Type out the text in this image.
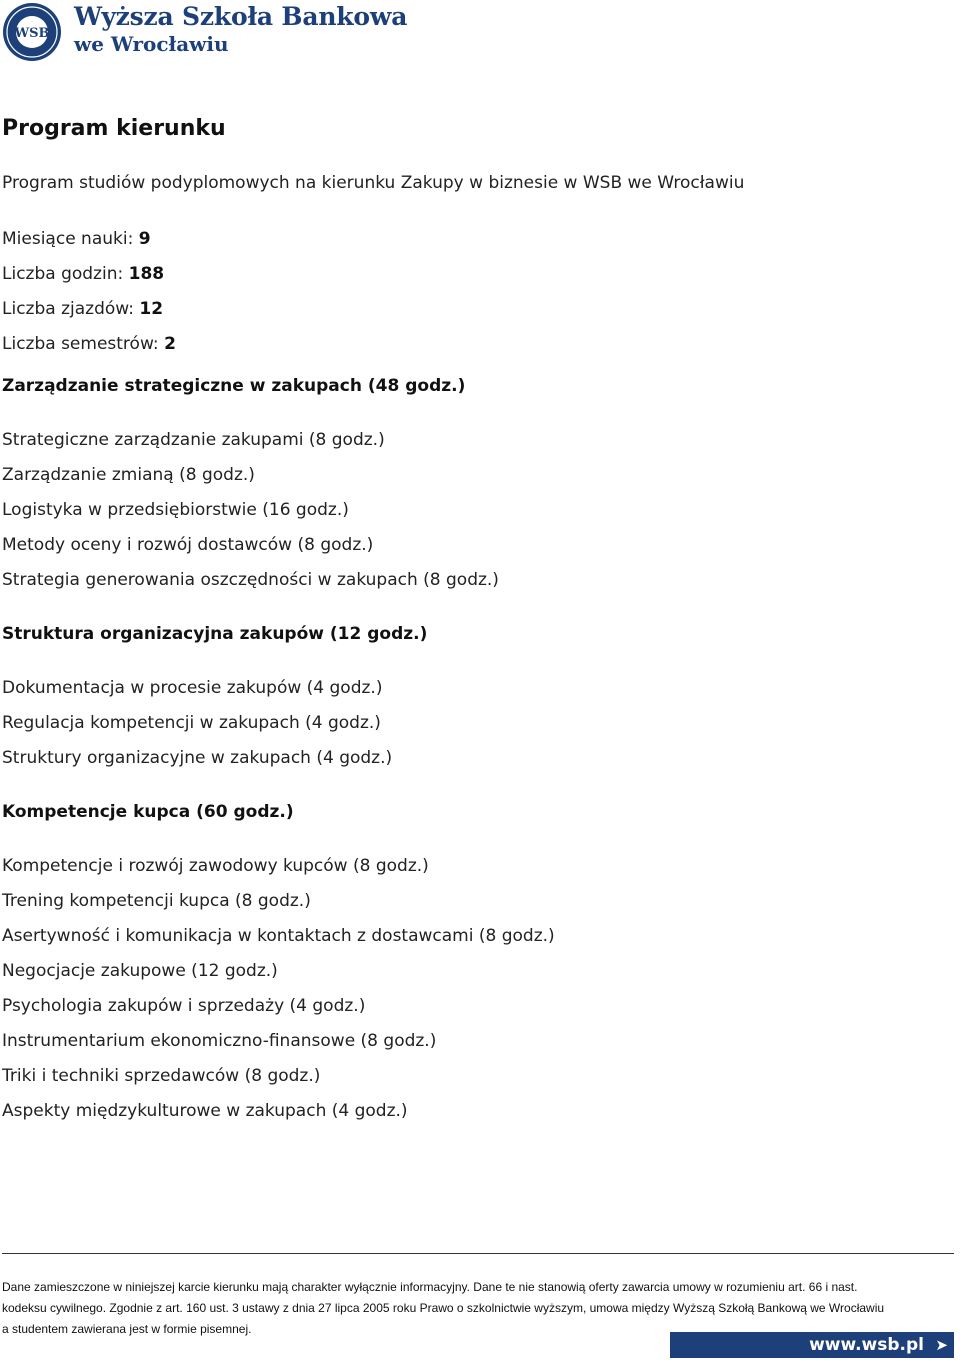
WSB
Wyższa Szkoła Bankowa
we Wrocławiu
Program kierunku
Program studiów podyplomowych na kierunku Zakupy w biznesie w WSB we Wrocławiu
Miesiące nauki: 9
Liczba godzin: 188
Liczba zjazdów: 12
Liczba semestrów: 2
Zarządzanie strategiczne w zakupach (48 godz.)
Strategiczne zarządzanie zakupami (8 godz.)
Zarządzanie zmianą (8 godz.)
Logistyka w przedsiębiorstwie (16 godz.)
Metody oceny i rozwój dostawców (8 godz.)
Strategia generowania oszczędności w zakupach (8 godz.)
Struktura organizacyjna zakupów (12 godz.)
Dokumentacja w procesie zakupów (4 godz.)
Regulacja kompetencji w zakupach (4 godz.)
Struktury organizacyjne w zakupach (4 godz.)
Kompetencje kupca (60 godz.)
Kompetencje i rozwój zawodowy kupców (8 godz.)
Trening kompetencji kupca (8 godz.)
Asertywność i komunikacja w kontaktach z dostawcami (8 godz.)
Negocjacje zakupowe (12 godz.)
Psychologia zakupów i sprzedaży (4 godz.)
Instrumentarium ekonomiczno-finansowe (8 godz.)
Triki i techniki sprzedawców (8 godz.)
Aspekty międzykulturowe w zakupach (4 godz.)
Dane zamieszczone w niniejszej karcie kierunku mają charakter wyłącznie informacyjny. Dane te nie stanowią oferty zawarcia umowy w rozumieniu art. 66 i nast.
kodeksu cywilnego. Zgodnie z art. 160 ust. 3 ustawy z dnia 27 lipca 2005 roku Prawo o szkolnictwie wyższym, umowa między Wyższą Szkołą Bankową we Wrocławiu
a studentem zawierana jest w formie pisemnej.
www.wsb.pl ➤
